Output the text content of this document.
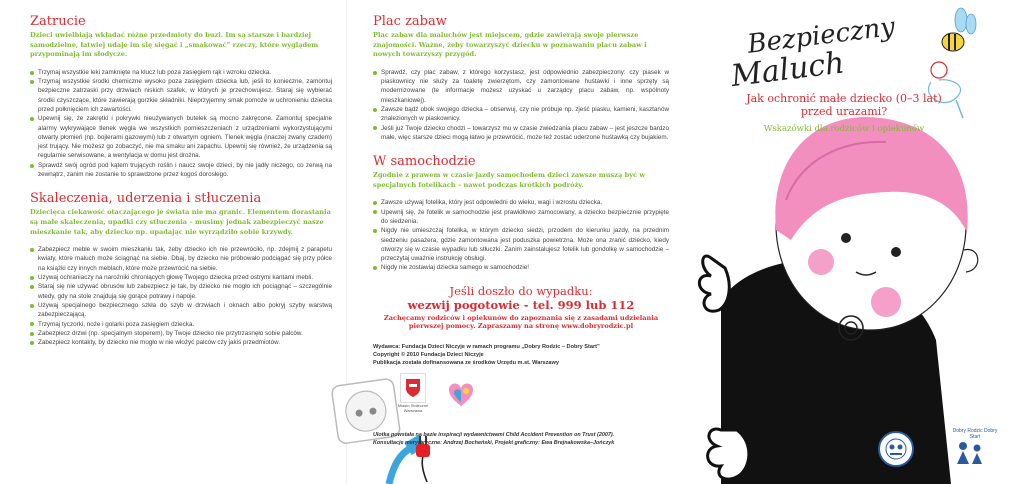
Zatrucie

Dzieci uwielbiają wkładać różne przedmioty do buzi. Im są starsze i bardziej samodzielne, łatwiej udaje im się sięgać i „smakować” rzeczy, które wyglądem przypominają im słodycze.

Trzymaj wszystkie leki zamknięte na klucz lub poza zasięgiem rąk i wzroku dziecka.
Trzymaj wszystkie środki chemiczne wysoko poza zasięgiem dziecka lub, jeśli to konieczne, zamontuj bezpieczne zatrzaski przy drzwiach niskich szafek, w których je przechowujesz. Staraj się wybierać środki czyszczące, które zawierają gorzkie składniki. Nieprzyjemny smak pomoże w uchronieniu dziecka przed połknięciem ich zawartości.
Upewnij się, że zakrętki i pokrywki nieużywanych butelek są mocno zakręcone. Zamontuj specjalne alarmy wykrywające tlenek węgla we wszystkich pomieszczeniach z urządzeniami wykorzystującymi otwarty płomień (np. bojlerami gazowymi) lub z otwartym ogniem. Tlenek węgla (inaczej zwany czadem) jest trujący. Nie możesz go zobaczyć, nie ma smaku ani zapachu. Upewnij się również, że urządzenia są regularnie serwisowane, a wentylacja w domu jest drożna.
Sprawdź swój ogród pod kątem trujących roślin i naucz swoje dzieci, by nie jadły niczego, co zerwą na zewnątrz, zanim nie zostanie to sprawdzone przez kogoś dorosłego.
Skaleczenia, uderzenia i stłuczenia

Dziecięca ciekawość otaczającego je świata nie ma granic. Elementem dorastania są małe skaleczenia, upadki czy stłuczenia – musimy jednak zabezpieczyć nasze mieszkanie tak, aby dziecko np. upadając nie wyrządziło sobie krzywdy.

Zabezpiecz meble w swoim mieszkaniu tak, żeby dziecko ich nie przewróciło, np. zdejmij z parapetu kwiaty, które maluch może ściągnąć na siebie. Dbaj, by dziecko nie próbowało podciągać się przy półce na książki czy innych meblach, które może przewrócić na siebie.
Używaj ochraniaczy na narożniki chroniących głowę Twojego dziecka przed ostrymi kantami mebli.
Staraj się nie używać obrusów lub zabezpiecz je tak, by dziecko nie mogło ich pociągnąć – szczególnie wtedy, gdy na stole znajdują się gorące potrawy i napoje.
Używaj specjalnego bezpiecznego szkła do szyb w drzwiach i oknach albo pokryj szyby warstwą zabezpieczającą.
Trzymaj tyczorki, noże i golarki poza zasięgiem dziecka.
Zabezpiecz drzwi (np. specjalnym stoperem), by Twoje dziecko nie przytrzasnęło sobie palców.
Zabezpiecz kontakty, by dziecko nie mogło w nie włożyć palców czy jakiś przedmiotów.
Plac zabaw

Plac zabaw dla maluchów jest miejscem, gdzie zawierają swoje pierwsze znajomości. Ważne, żeby towarzyszyć dziecku w poznawaniu placu zabaw i nowych towarzyszy przygód.

Sprawdź, czy plac zabaw, z którego korzystasz, jest odpowiednio zabezpieczony: czy piasek w piaskownicy nie służy za toaletę zwierzętom, czy zamontowane huśtawki i inne sprzęty są modernizowane (te informacje możesz uzyskać u zarządcy placu zabaw, np. wspólnoty mieszkaniowej).
Zawsze bądź obok swojego dziecka – obserwuj, czy nie próbuje np. zjeść piasku, kamieni, kasztanów znalezionych w piaskownicy.
Jeśli już Twoje dziecko chodzi – towarzysz mu w czasie zwiedzania placu zabaw – jest jeszcze bardzo małe, więc starsze dzieci mogą łatwo je przewrócić, może też zostać uderzone huśtawką czy bujakiem.
W samochodzie

Zgodnie z prawem w czasie jazdy samochodem dzieci zawsze muszą być w specjalnych fotelikach – nawet podczas krótkich podróży.

Zawsze używaj fotelika, który jest odpowiedni do wieku, wagi i wzrostu dziecka.
Upewnij się, że fotelik w samochodzie jest prawidłowo zamocowany, a dziecko bezpiecznie przypięte do siedzenia.
Nigdy nie umieszczaj fotelika, w którym dziecko siedzi, przodem do kierunku jazdy, na przednim siedzeniu pasażera, gdzie zamontowana jest poduszka powietrzna. Może ona zranić dziecko, kiedy otworzy się w czasie wypadku lub stłuczki. Zanim zainstalujesz fotelik lub gondolkę w samochodzie – przeczytaj uważnie instrukcję obsługi.
Nigdy nie zostawiaj dziecka samego w samochodzie!
Jeśli doszło do wypadku:
wezwij pogotowie - tel. 999 lub 112
Zachęcamy rodziców i opiekunów do zapoznania się z zasadami udzielania pierwszej pomocy. Zapraszamy na stronę www.dobryrodzic.pl
Wydawca: Fundacja Dzieci Niczyje w ramach programu „Dobry Rodzic – Dobry Start”
Copyright © 2010 Fundacja Dzieci Niczyje
Publikacja została dofinansowana ze środków Urzędu m.st. Warszawy
Miasto Stołeczne Warszawa
Ulotka powstała na bazie inspiracji wydawnictwami Child Accident Prevention on Trust (2007).
Konsultacje merytoryczne: Andrzej Bocheński, Projekt graficzny: Ewa Brejnakowska–Jończyk
Bezpieczny
Maluch
Jak ochronić małe dziecko (0–3 lat) przed urazami?
Wskazówki dla rodziców i opiekunów
Dobry Rodzic Dobry Start
